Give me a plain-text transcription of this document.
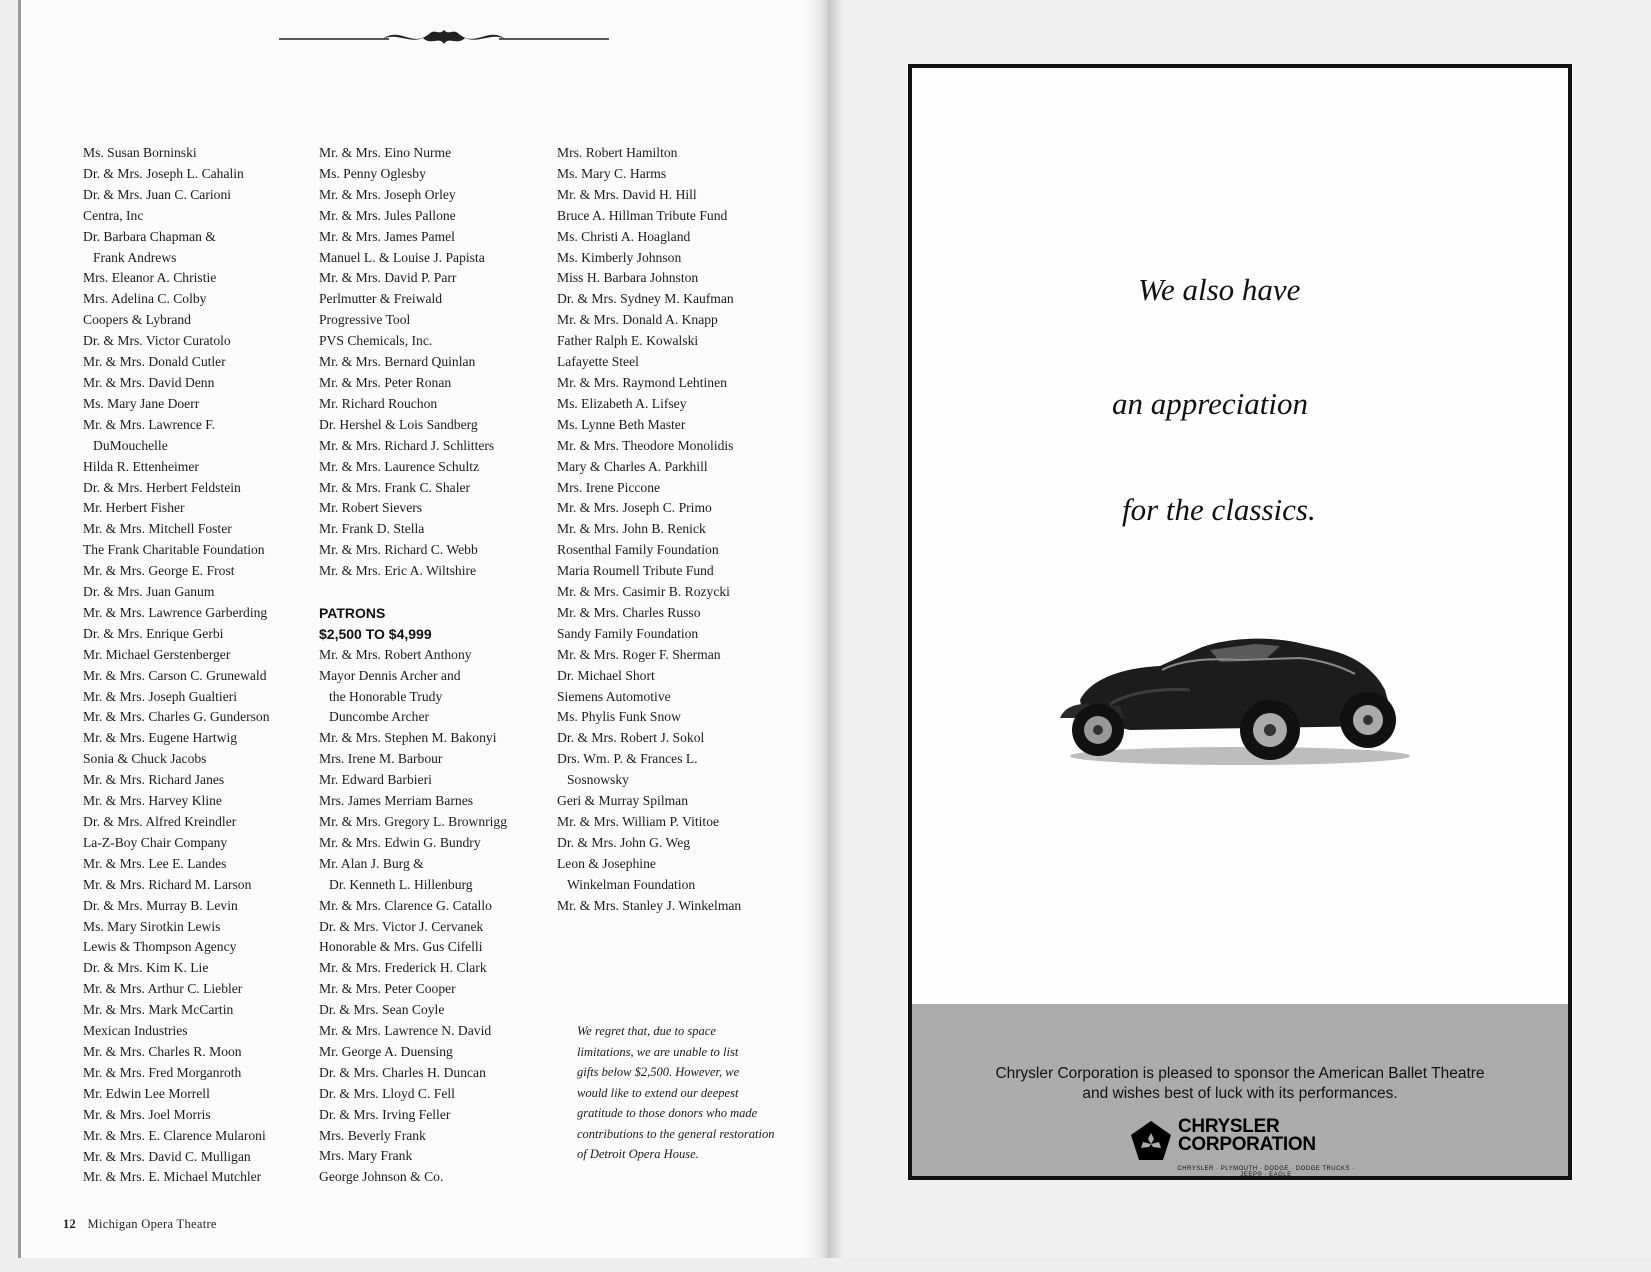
Ms. Susan Borninski
Dr. & Mrs. Joseph L. Cahalin
Dr. & Mrs. Juan C. Carioni
Centra, Inc
Dr. Barbara Chapman &
Frank Andrews
Mrs. Eleanor A. Christie
Mrs. Adelina C. Colby
Coopers & Lybrand
Dr. & Mrs. Victor Curatolo
Mr. & Mrs. Donald Cutler
Mr. & Mrs. David Denn
Ms. Mary Jane Doerr
Mr. & Mrs. Lawrence F.
DuMouchelle
Hilda R. Ettenheimer
Dr. & Mrs. Herbert Feldstein
Mr. Herbert Fisher
Mr. & Mrs. Mitchell Foster
The Frank Charitable Foundation
Mr. & Mrs. George E. Frost
Dr. & Mrs. Juan Ganum
Mr. & Mrs. Lawrence Garberding
Dr. & Mrs. Enrique Gerbi
Mr. Michael Gerstenberger
Mr. & Mrs. Carson C. Grunewald
Mr. & Mrs. Joseph Gualtieri
Mr. & Mrs. Charles G. Gunderson
Mr. & Mrs. Eugene Hartwig
Sonia & Chuck Jacobs
Mr. & Mrs. Richard Janes
Mr. & Mrs. Harvey Kline
Dr. & Mrs. Alfred Kreindler
La-Z-Boy Chair Company
Mr. & Mrs. Lee E. Landes
Mr. & Mrs. Richard M. Larson
Dr. & Mrs. Murray B. Levin
Ms. Mary Sirotkin Lewis
Lewis & Thompson Agency
Dr. & Mrs. Kim K. Lie
Mr. & Mrs. Arthur C. Liebler
Mr. & Mrs. Mark McCartin
Mexican Industries
Mr. & Mrs. Charles R. Moon
Mr. & Mrs. Fred Morganroth
Mr. Edwin Lee Morrell
Mr. & Mrs. Joel Morris
Mr. & Mrs. E. Clarence Mularoni
Mr. & Mrs. David C. Mulligan
Mr. & Mrs. E. Michael Mutchler
Mr. & Mrs. Eino Nurme
Ms. Penny Oglesby
Mr. & Mrs. Joseph Orley
Mr. & Mrs. Jules Pallone
Mr. & Mrs. James Pamel
Manuel L. & Louise J. Papista
Mr. & Mrs. David P. Parr
Perlmutter & Freiwald
Progressive Tool
PVS Chemicals, Inc.
Mr. & Mrs. Bernard Quinlan
Mr. & Mrs. Peter Ronan
Mr. Richard Rouchon
Dr. Hershel & Lois Sandberg
Mr. & Mrs. Richard J. Schlitters
Mr. & Mrs. Laurence Schultz
Mr. & Mrs. Frank C. Shaler
Mr. Robert Sievers
Mr. Frank D. Stella
Mr. & Mrs. Richard C. Webb
Mr. & Mrs. Eric A. Wiltshire
PATRONS
$2,500 TO $4,999
Mr. & Mrs. Robert Anthony
Mayor Dennis Archer and
the Honorable Trudy
Duncombe Archer
Mr. & Mrs. Stephen M. Bakonyi
Mrs. Irene M. Barbour
Mr. Edward Barbieri
Mrs. James Merriam Barnes
Mr. & Mrs. Gregory L. Brownrigg
Mr. & Mrs. Edwin G. Bundry
Mr. Alan J. Burg &
Dr. Kenneth L. Hillenburg
Mr. & Mrs. Clarence G. Catallo
Dr. & Mrs. Victor J. Cervanek
Honorable & Mrs. Gus Cifelli
Mr. & Mrs. Frederick H. Clark
Mr. & Mrs. Peter Cooper
Dr. & Mrs. Sean Coyle
Mr. & Mrs. Lawrence N. David
Mr. George A. Duensing
Dr. & Mrs. Charles H. Duncan
Dr. & Mrs. Lloyd C. Fell
Dr. & Mrs. Irving Feller
Mrs. Beverly Frank
Mrs. Mary Frank
George Johnson & Co.
Mrs. Robert Hamilton
Ms. Mary C. Harms
Mr. & Mrs. David H. Hill
Bruce A. Hillman Tribute Fund
Ms. Christi A. Hoagland
Ms. Kimberly Johnson
Miss H. Barbara Johnston
Dr. & Mrs. Sydney M. Kaufman
Mr. & Mrs. Donald A. Knapp
Father Ralph E. Kowalski
Lafayette Steel
Mr. & Mrs. Raymond Lehtinen
Ms. Elizabeth A. Lifsey
Ms. Lynne Beth Master
Mr. & Mrs. Theodore Monolidis
Mary & Charles A. Parkhill
Mrs. Irene Piccone
Mr. & Mrs. Joseph C. Primo
Mr. & Mrs. John B. Renick
Rosenthal Family Foundation
Maria Roumell Tribute Fund
Mr. & Mrs. Casimir B. Rozycki
Mr. & Mrs. Charles Russo
Sandy Family Foundation
Mr. & Mrs. Roger F. Sherman
Dr. Michael Short
Siemens Automotive
Ms. Phylis Funk Snow
Dr. & Mrs. Robert J. Sokol
Drs. Wm. P. & Frances L.
Sosnowsky
Geri & Murray Spilman
Mr. & Mrs. William P. Vititoe
Dr. & Mrs. John G. Weg
Leon & Josephine
Winkelman Foundation
Mr. & Mrs. Stanley J. Winkelman
We regret that, due to space
limitations, we are unable to list
gifts below $2,500. However, we
would like to extend our deepest
gratitude to those donors who made
contributions to the general restoration
of Detroit Opera House.
12 Michigan Opera Theatre
We also have
an appreciation
for the classics.
Chrysler Corporation is pleased to sponsor the American Ballet Theatre
and wishes best of luck with its performances.
CHRYSLER
CORPORATION
CHRYSLER · PLYMOUTH · DODGE · DODGE TRUCKS · JEEP® · EAGLE
